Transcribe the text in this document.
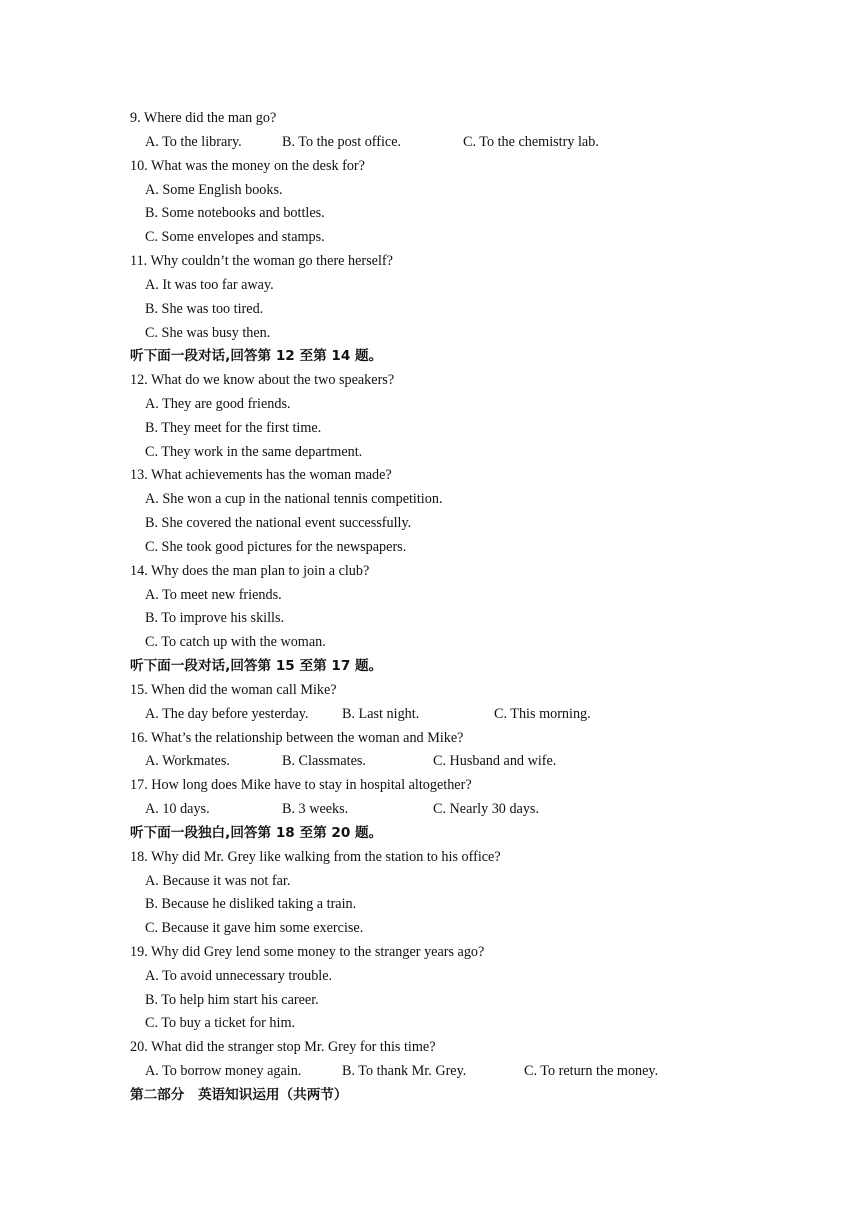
9. Where did the man go?
A. To the library.	B. To the post office.	C. To the chemistry lab.
10. What was the money on the desk for?
A. Some English books.
B. Some notebooks and bottles.
C. Some envelopes and stamps.
11. Why couldn’t the woman go there herself?
A. It was too far away.
B. She was too tired.
C. She was busy then.
听下面一段对话,回答第 12 至第 14 题。
12. What do we know about the two speakers?
A. They are good friends.
B. They meet for the first time.
C. They work in the same department.
13. What achievements has the woman made?
A. She won a cup in the national tennis competition.
B. She covered the national event successfully.
C. She took good pictures for the newspapers.
14. Why does the man plan to join a club?
A. To meet new friends.
B. To improve his skills.
C. To catch up with the woman.
听下面一段对话,回答第 15 至第 17 题。
15. When did the woman call Mike?
A. The day before yesterday. B. Last night.	C. This morning.
16. What’s the relationship between the woman and Mike?
A. Workmates.	B. Classmates.	C. Husband and wife.
17. How long does Mike have to stay in hospital altogether?
A. 10 days.	B. 3 weeks.	C. Nearly 30 days.
听下面一段独白,回答第 18 至第 20 题。
18. Why did Mr. Grey like walking from the station to his office?
A. Because it was not far.
B. Because he disliked taking a train.
C. Because it gave him some exercise.
19. Why did Grey lend some money to the stranger years ago?
A. To avoid unnecessary trouble.
B. To help him start his career.
C. To buy a ticket for him.
20. What did the stranger stop Mr. Grey for this time?
A. To borrow money again.	B. To thank Mr. Grey.	C. To return the money.
第二部分　英语知识运用（共两节）
